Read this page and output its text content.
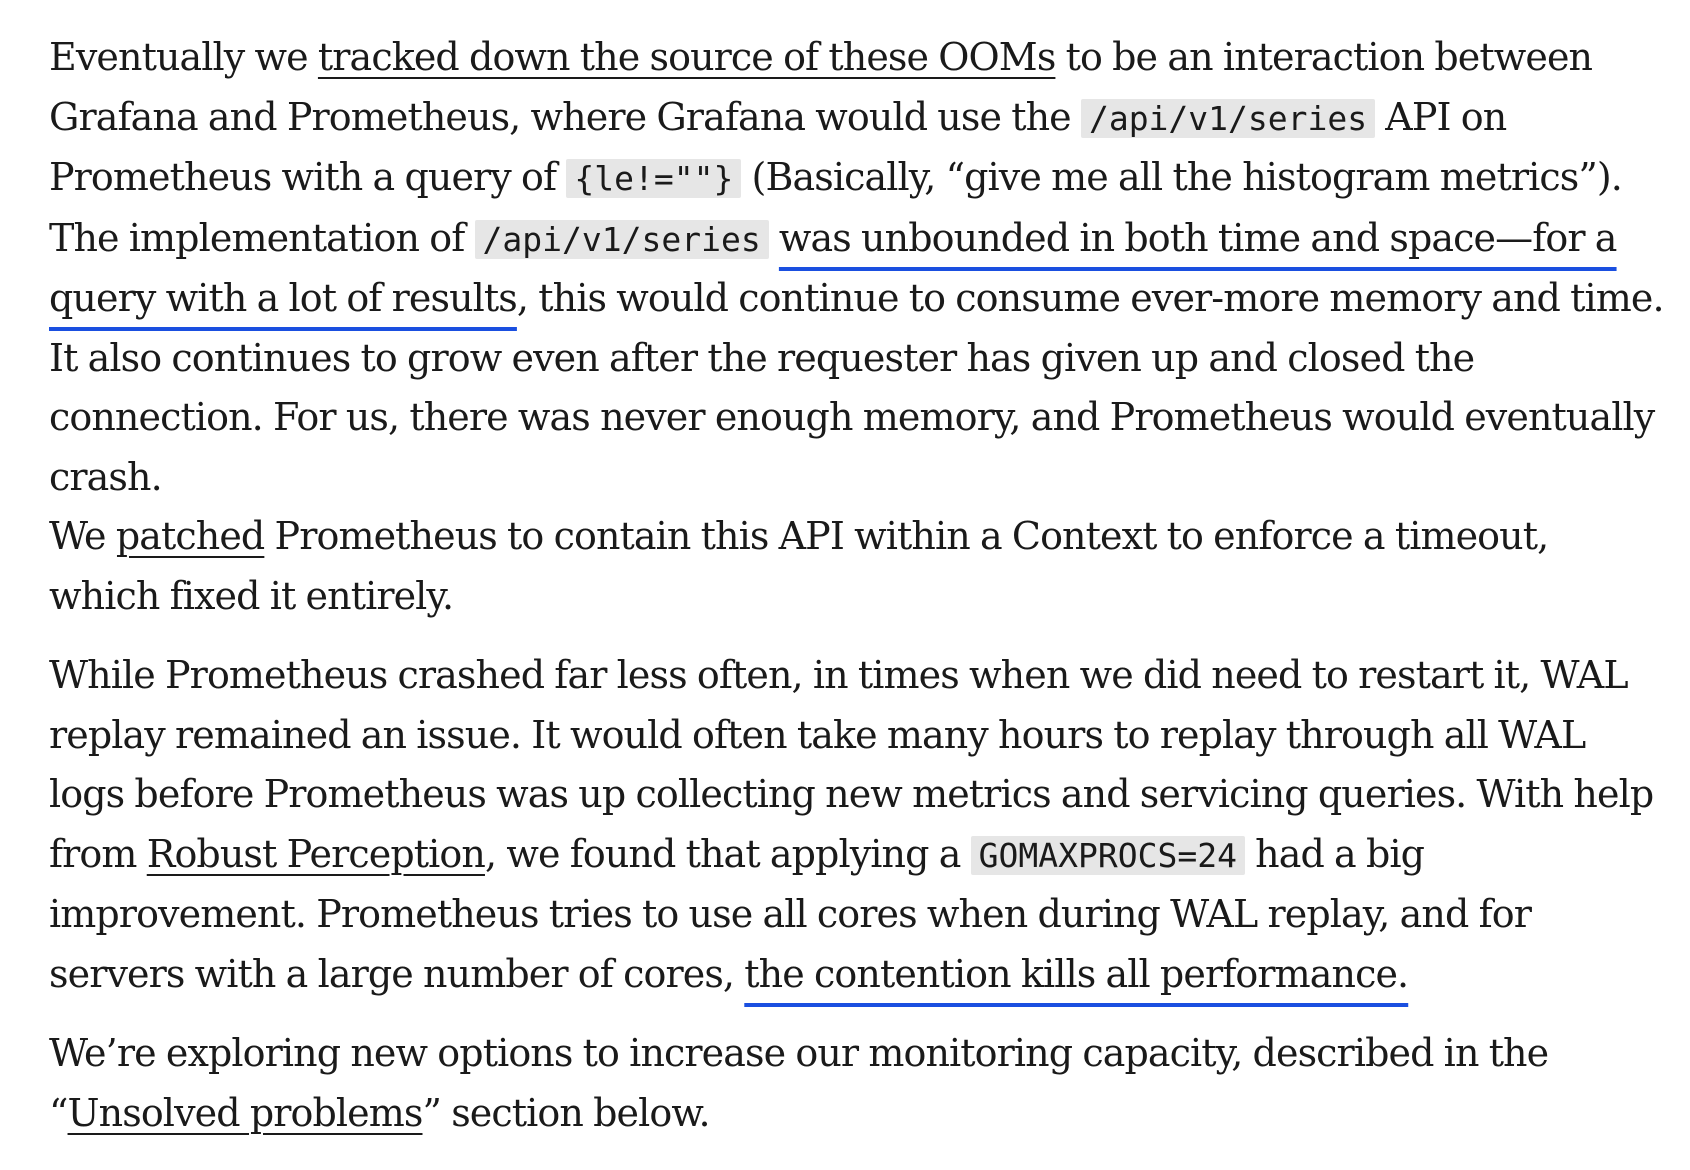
Eventually we tracked down the source of these OOMs to be an interaction between Grafana and Prometheus, where Grafana would use the /api/v1/series API on Prometheus with a query of {le!=""} (Basically, “give me all the histogram metrics”). The implementation of /api/v1/series was unbounded in both time and space—for a query with a lot of results, this would continue to consume ever-more memory and time. It also continues to grow even after the requester has given up and closed the connection. For us, there was never enough memory, and Prometheus would eventually crash.

We patched Prometheus to contain this API within a Context to enforce a timeout, which fixed it entirely.

While Prometheus crashed far less often, in times when we did need to restart it, WAL replay remained an issue. It would often take many hours to replay through all WAL logs before Prometheus was up collecting new metrics and servicing queries. With help from Robust Perception, we found that applying a GOMAXPROCS=24 had a big improvement. Prometheus tries to use all cores when during WAL replay, and for servers with a large number of cores, the contention kills all performance.

We’re exploring new options to increase our monitoring capacity, described in the “Unsolved problems” section below.
